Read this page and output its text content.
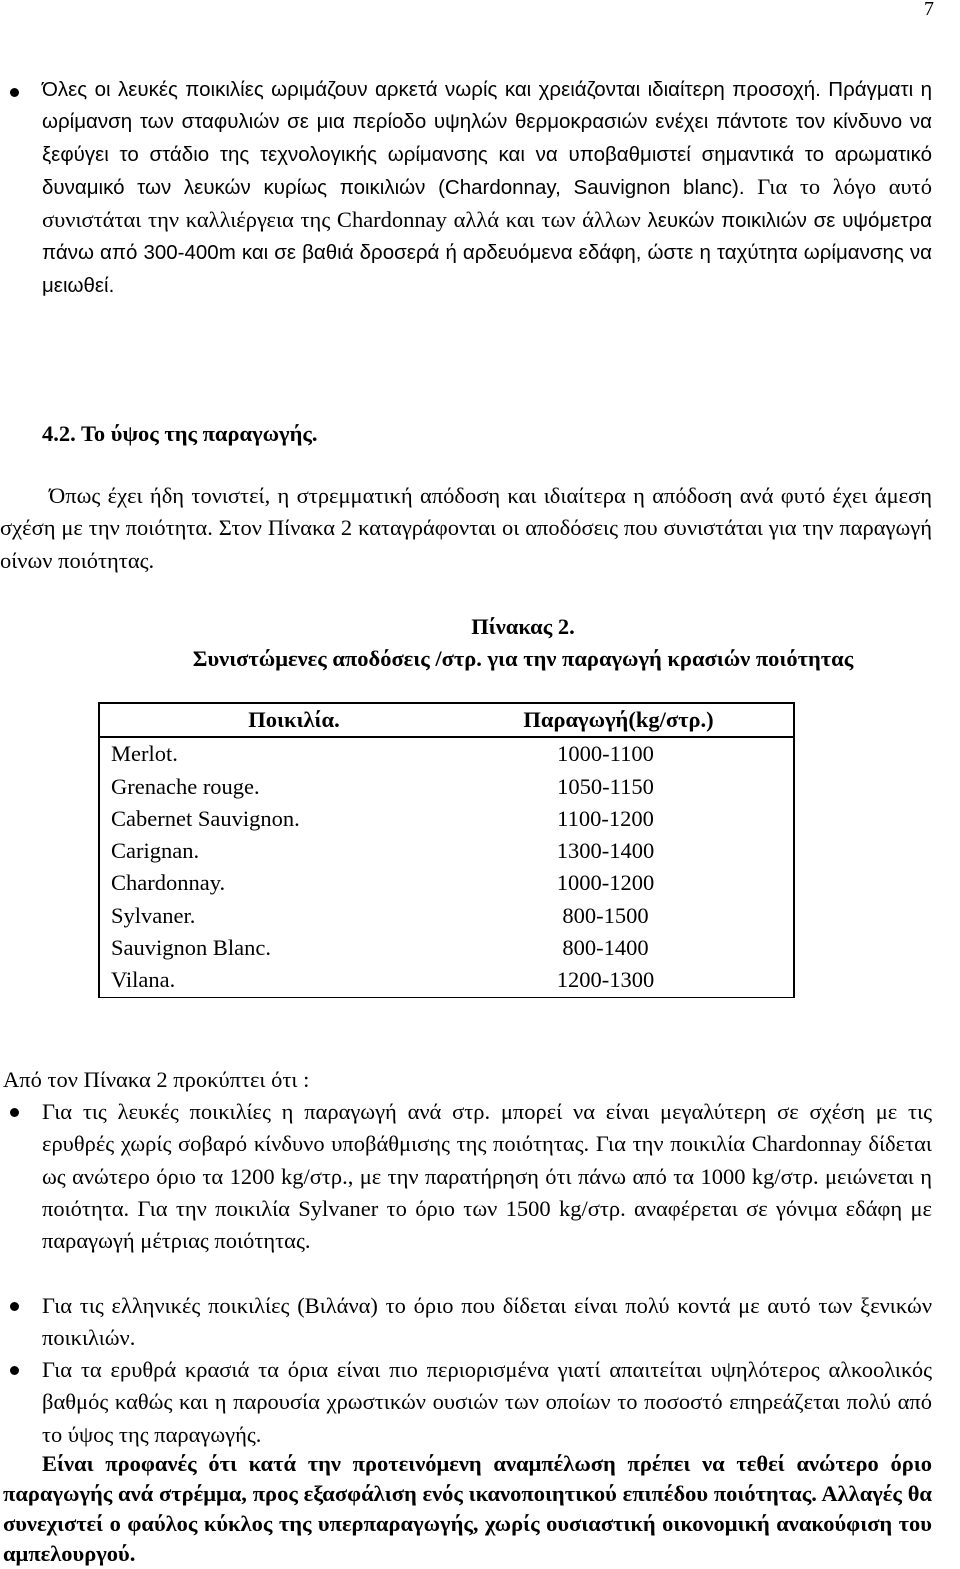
7
Όλες οι λευκές ποικιλίες ωριμάζουν αρκετά νωρίς και χρειάζονται ιδιαίτερη προσοχή. Πράγματι η ωρίμανση των σταφυλιών σε μια περίοδο υψηλών θερμοκρασιών ενέχει πάντοτε τον κίνδυνο να ξεφύγει το στάδιο της τεχνολογικής ωρίμανσης και να υποβαθμιστεί σημαντικά το αρωματικό δυναμικό των λευκών κυρίως ποικιλιών (Chardonnay, Sauvignon blanc). Για το λόγο αυτό συνιστάται την καλλιέργεια της Chardonnay αλλά και των άλλων λευκών ποικιλιών σε υψόμετρα πάνω από 300-400m και σε βαθιά δροσερά ή αρδευόμενα εδάφη, ώστε η ταχύτητα ωρίμανσης να μειωθεί.
4.2. Το ύψος της παραγωγής.
Όπως έχει ήδη τονιστεί, η στρεμματική απόδοση και ιδιαίτερα η απόδοση ανά φυτό έχει άμεση σχέση με την ποιότητα. Στον Πίνακα 2 καταγράφονται οι αποδόσεις που συνιστάται για την παραγωγή οίνων ποιότητας.
Πίνακας 2.
Συνιστώμενες αποδόσεις /στρ. για την παραγωγή κρασιών ποιότητας
Ποικιλία.	Παραγωγή(kg/στρ.)
Merlot.	1000-1100
Grenache rouge.	1050-1150
Cabernet Sauvignon.	1100-1200
Carignan.	1300-1400
Chardonnay.	1000-1200
Sylvaner.	800-1500
Sauvignon Blanc.	800-1400
Vilana.	1200-1300
Από τον Πίνακα 2 προκύπτει ότι :
Για τις λευκές ποικιλίες η παραγωγή ανά στρ. μπορεί να είναι μεγαλύτερη σε σχέση με τις ερυθρές χωρίς σοβαρό κίνδυνο υποβάθμισης της ποιότητας. Για την ποικιλία Chardonnay δίδεται ως ανώτερο όριο τα 1200 kg/στρ., με την παρατήρηση ότι πάνω από τα 1000 kg/στρ. μειώνεται η ποιότητα. Για την ποικιλία Sylvaner το όριο των 1500 kg/στρ. αναφέρεται σε γόνιμα εδάφη με παραγωγή μέτριας ποιότητας.
Για τις ελληνικές ποικιλίες (Βιλάνα) το όριο που δίδεται είναι πολύ κοντά με αυτό των ξενικών ποικιλιών.
Για τα ερυθρά κρασιά τα όρια είναι πιο περιορισμένα γιατί απαιτείται υψηλότερος αλκοολικός βαθμός καθώς και η παρουσία χρωστικών ουσιών των οποίων το ποσοστό επηρεάζεται πολύ από το ύψος της παραγωγής.
Είναι προφανές ότι κατά την προτεινόμενη αναμπέλωση πρέπει να τεθεί ανώτερο όριο παραγωγής ανά στρέμμα, προς εξασφάλιση ενός ικανοποιητικού επιπέδου ποιότητας. Αλλαγές θα συνεχιστεί ο φαύλος κύκλος της υπερπαραγωγής, χωρίς ουσιαστική οικονομική ανακούφιση του αμπελουργού.
